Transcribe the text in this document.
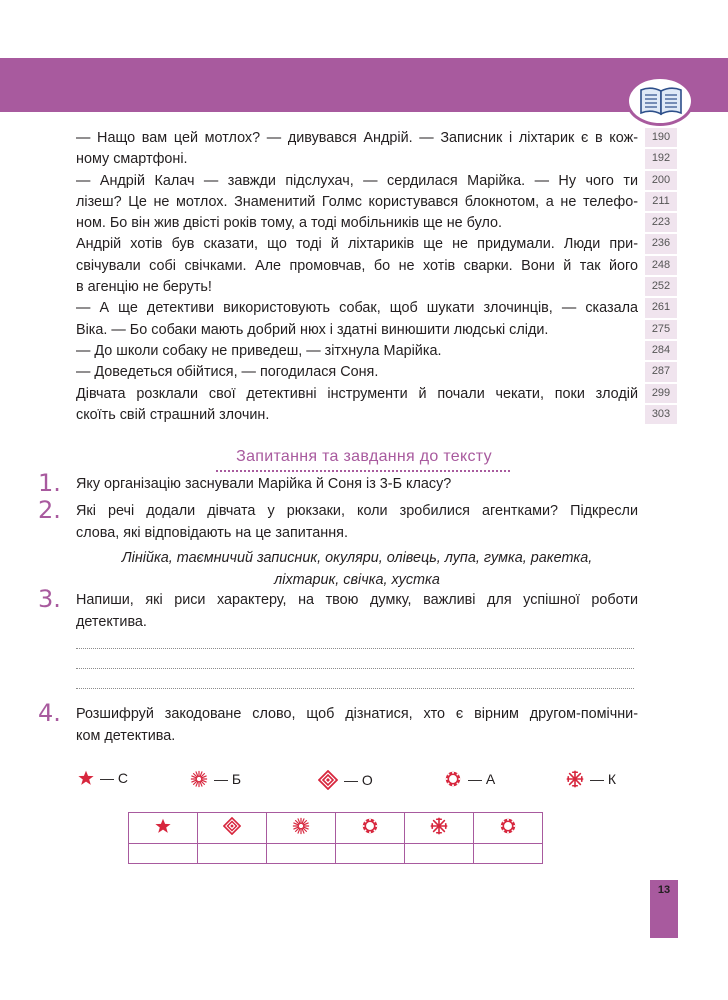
— Нащо вам цей мотлох? — дивувався Андрій. — Записник і ліхтарик є в кож-
ному смартфоні.
— Андрій Калач — завжди підслухач, — сердилася Марійка. — Ну чого ти
лізеш? Це не мотлох. Знаменитий Голмс користувався блокнотом, а не телефо-
ном. Бо він жив двісті років тому, а тоді мобільників ще не було.
Андрій хотів був сказати, що тоді й ліхтариків ще не придумали. Люди при-
свічували собі свічками. Але промовчав, бо не хотів сварки. Вони й так його
в агенцію не беруть!
— А ще детективи використовують собак, щоб шукати злочинців, — сказала
Віка. — Бо собаки мають добрий нюх і здатні винюшити людські сліди.
— До школи собаку не приведеш, — зітхнула Марійка.
— Доведеться обійтися, — погодилася Соня.
Дівчата розклали свої детективні інструменти й почали чекати, поки злодій
скоїть свій страшний злочин.
190
192
200
211
223
236
248
252
261
275
284
287
299
303
Запитання та завдання до тексту
1. Яку організацію заснували Марійка й Соня із 3-Б класу?
2. Які речі додали дівчата у рюкзаки, коли зробилися агентками? Підкресли
слова, які відповідають на це запитання.
Лінійка, таємничий записник, окуляри, олівець, лупа, гумка, ракетка,
ліхтарик, свічка, хустка
3. Напиши, які риси характеру, на твою думку, важливі для успішної роботи
детектива.
4. Розшифруй закодоване слово, щоб дізнатися, хто є вірним другом-помічни-
ком детектива.
— С	— Б	— О	— А	— К

13
